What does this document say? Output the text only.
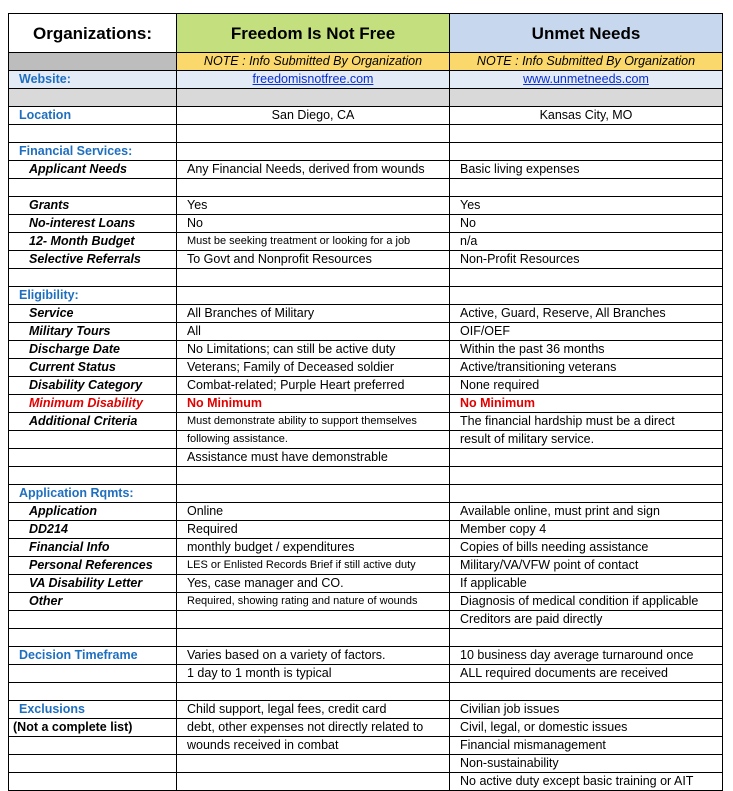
Organizations:	Freedom Is Not Free	Unmet Needs
	NOTE : Info Submitted By Organization	NOTE : Info Submitted By Organization
Website:	freedomisnotfree.com	www.unmetneeds.com

Location	San Diego, CA	Kansas City, MO

Financial Services:		
Applicant Needs	Any Financial Needs, derived from wounds	Basic living expenses

Grants	Yes	Yes
No-interest Loans	No	No
12- Month Budget	Must be seeking treatment or looking for a job	n/a
Selective Referrals	To Govt and Nonprofit Resources	Non-Profit Resources

Eligibility:		
Service	All Branches of Military	Active, Guard, Reserve, All Branches
Military Tours	All	OIF/OEF
Discharge Date	No Limitations; can still be active duty	Within the past 36 months
Current Status	Veterans; Family of Deceased soldier	Active/transitioning veterans
Disability Category	Combat-related; Purple Heart preferred	None required
Minimum Disability	No Minimum	No Minimum
Additional Criteria	Must demonstrate ability to support themselves	The financial hardship must be a direct
	following assistance.	result of military service.
	Assistance must have demonstrable	

Application Rqmts:		
Application	Online	Available online, must print and sign
DD214	Required	Member copy 4
Financial Info	monthly budget / expenditures	Copies of bills needing assistance
Personal References	LES or Enlisted Records Brief if still active duty	Military/VA/VFW point of contact
VA Disability Letter	Yes, case manager and CO.	If applicable
Other	Required, showing rating and nature of wounds	Diagnosis of medical condition if applicable
		Creditors are paid directly

Decision Timeframe	Varies based on a variety of factors.	10 business day average turnaround once
	1 day to 1 month is typical	ALL required documents are received

Exclusions	Child support, legal fees, credit card	Civilian job issues
(Not a complete list)	debt, other expenses not directly related to	Civil, legal, or domestic issues
	wounds received in combat	Financial mismanagement
		Non-sustainability
		No active duty except basic training or AIT
